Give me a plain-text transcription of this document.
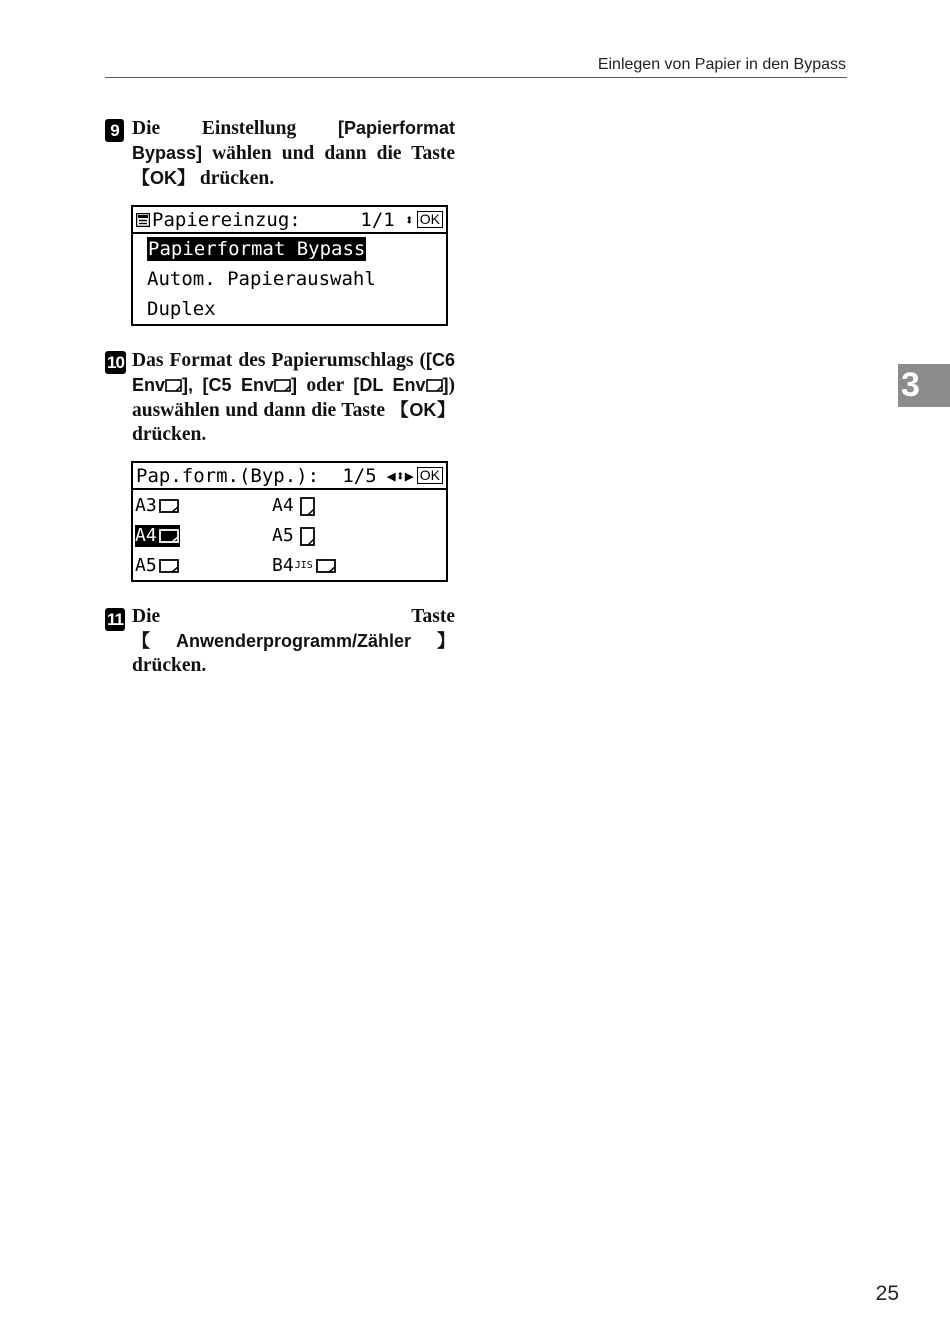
Einlegen von Papier in den Bypass
3
9 Die Einstellung [Papierformat Bypass] wählen und dann die Taste 【OK】 drücken.
Papiereinzug:	1/1 ⬍ OK
Papierformat Bypass
Autom. Papierauswahl
Duplex
10 Das Format des Papierumschlags ([C6 Env ], [C5 Env ] oder [DL Env ]) auswählen und dann die Taste 【OK】 drücken.
Pap.form.(Byp.):	1/5 ◀⬍▶ OK
A3	A4
A4	A5
A5	B4 JIS
11 Die Taste 【Anwenderprogramm/Zähler】 drücken.
25
